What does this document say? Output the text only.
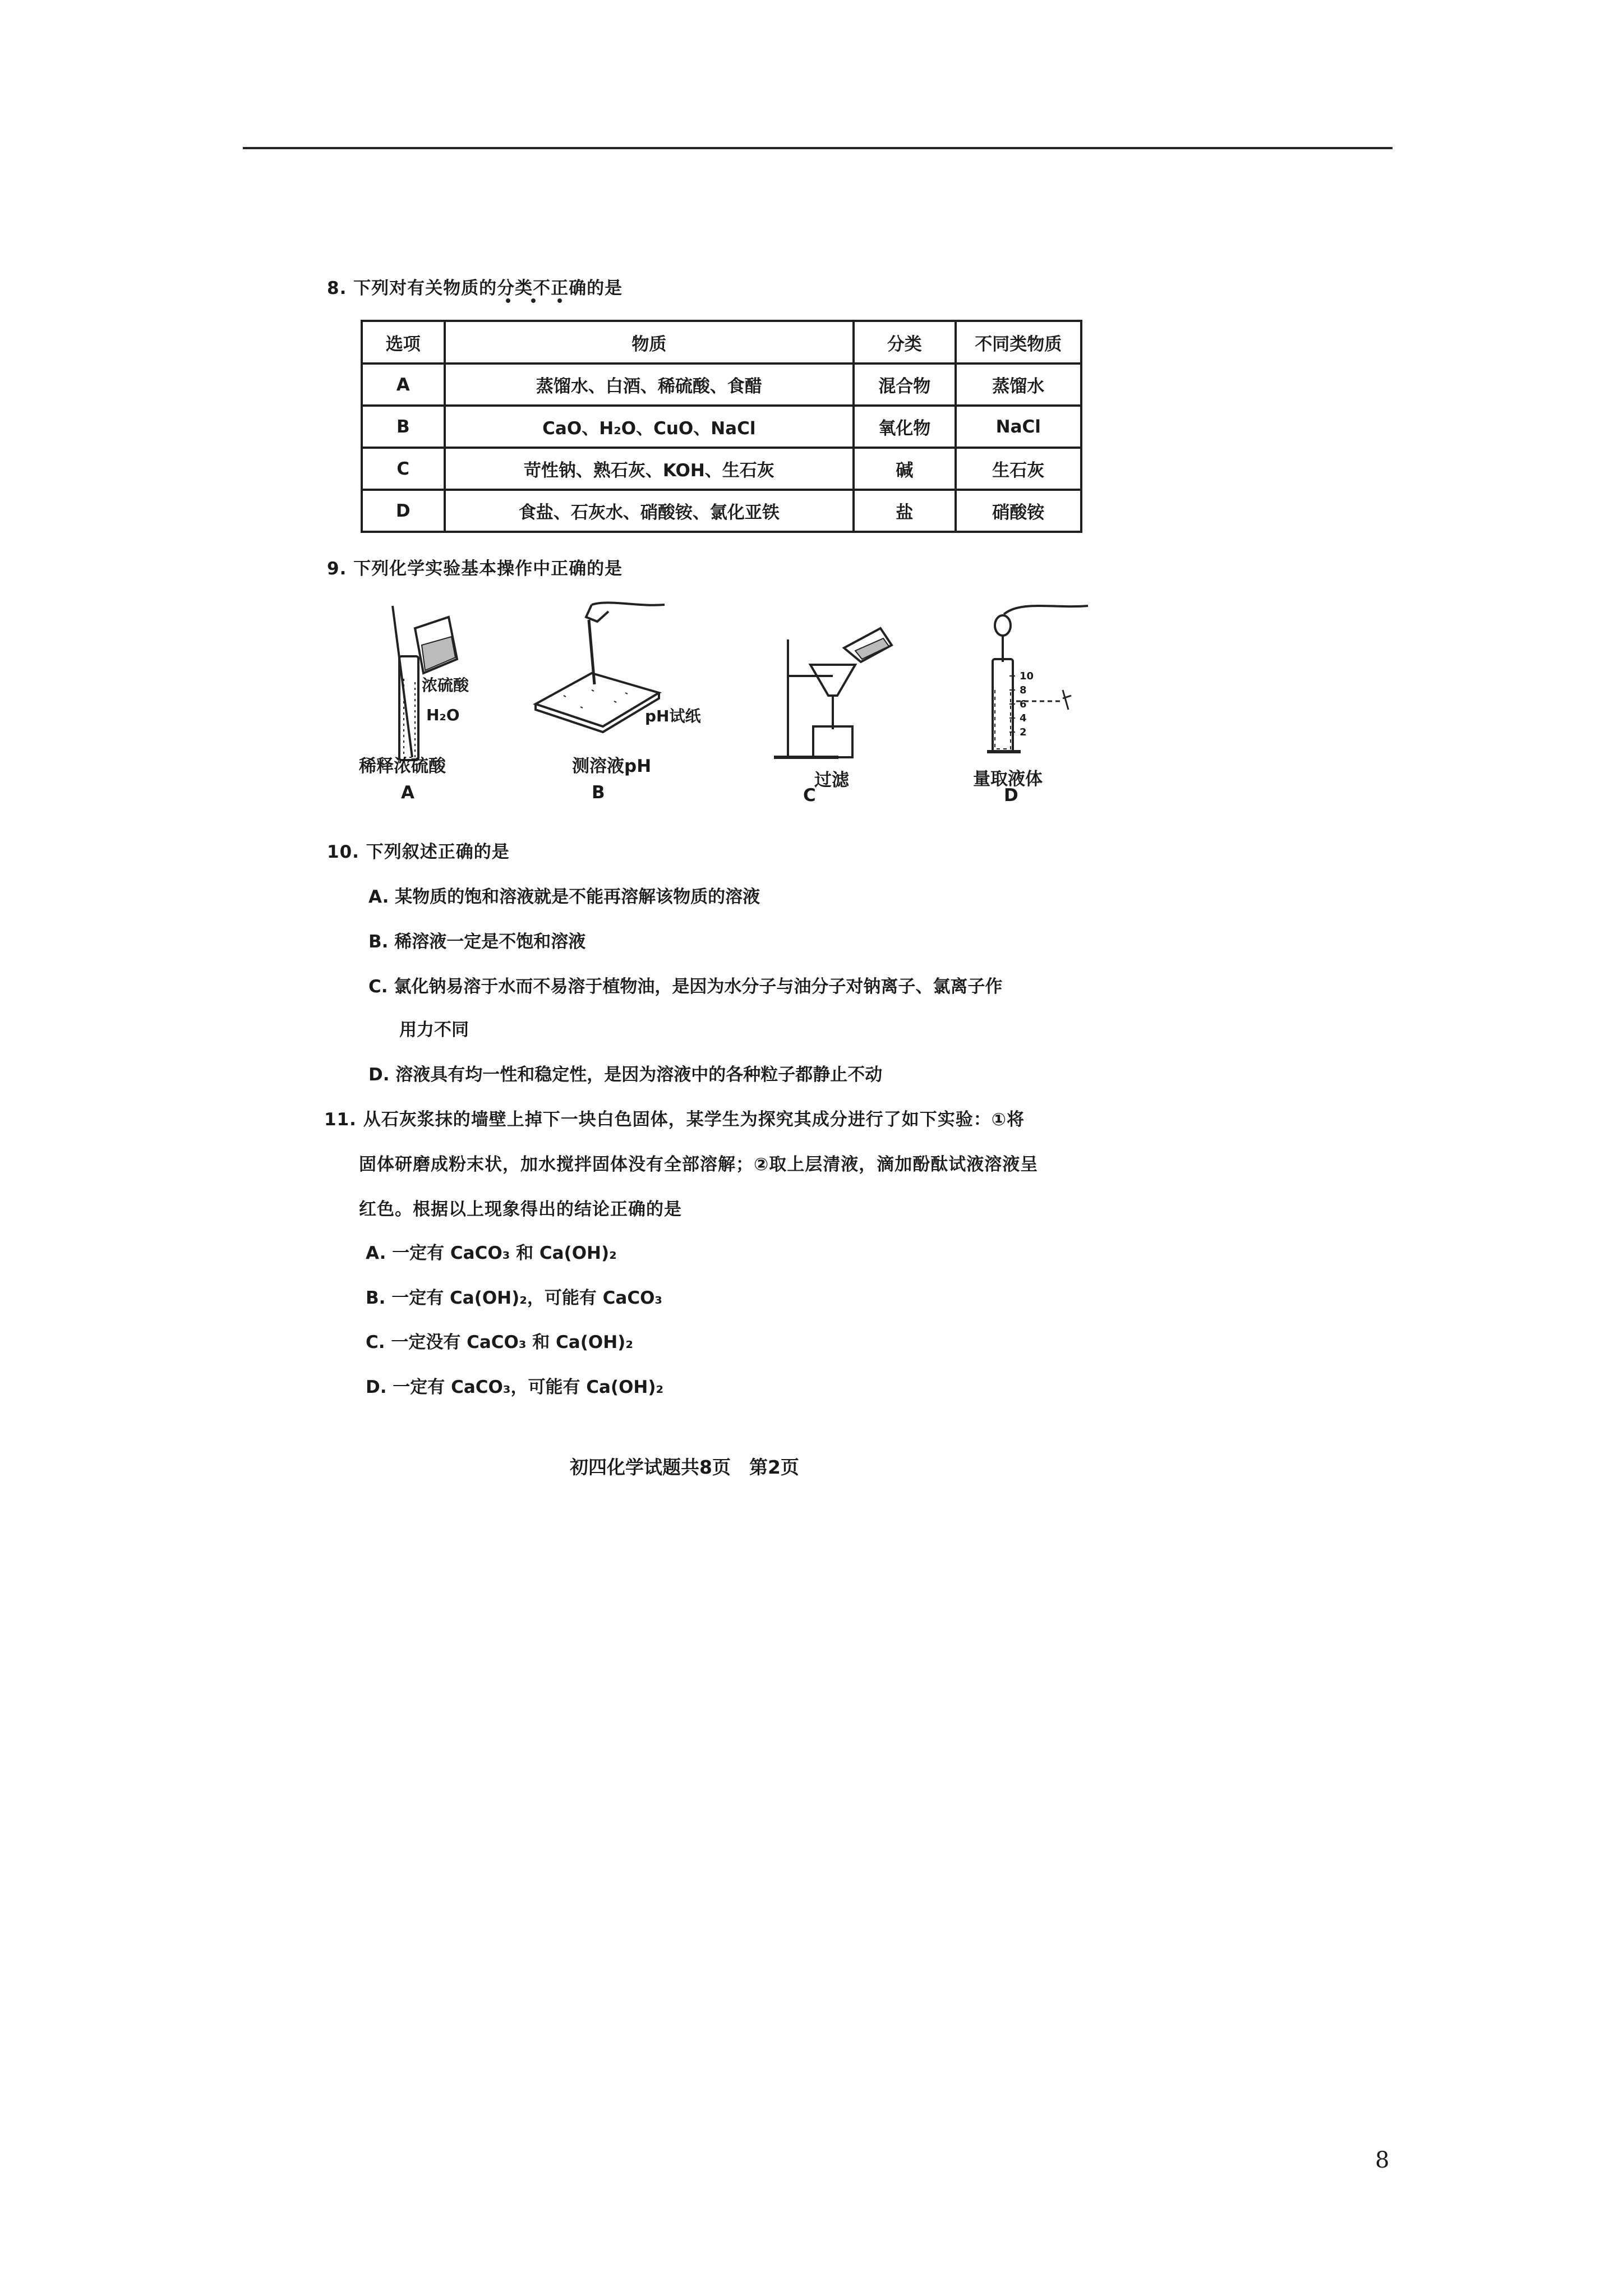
8. 下列对有关物质的分类不正确的是
选项	物质	分类	不同类物质
A	蒸馏水、白酒、稀硫酸、食醋	混合物	蒸馏水
B	CaO、H₂O、CuO、NaCl	氧化物	NaCl
C	苛性钠、熟石灰、KOH、生石灰	碱	生石灰
D	食盐、石灰水、硝酸铵、氯化亚铁	盐	硝酸铵
9. 下列化学实验基本操作中正确的是
浓硫酸
H₂O
稀释浓硫酸
A
pH试纸
测溶液pH
B
过滤
C
10
8
6
4
2
量取液体
D
10. 下列叙述正确的是
A. 某物质的饱和溶液就是不能再溶解该物质的溶液
B. 稀溶液一定是不饱和溶液
C. 氯化钠易溶于水而不易溶于植物油，是因为水分子与油分子对钠离子、氯离子作
用力不同
D. 溶液具有均一性和稳定性，是因为溶液中的各种粒子都静止不动
11. 从石灰浆抹的墙壁上掉下一块白色固体，某学生为探究其成分进行了如下实验：①将
固体研磨成粉末状，加水搅拌固体没有全部溶解；②取上层清液，滴加酚酞试液溶液呈
红色。根据以上现象得出的结论正确的是
A. 一定有 CaCO₃ 和 Ca(OH)₂
B. 一定有 Ca(OH)₂，可能有 CaCO₃
C. 一定没有 CaCO₃ 和 Ca(OH)₂
D. 一定有 CaCO₃，可能有 Ca(OH)₂
初四化学试题共8页　第2页
8
